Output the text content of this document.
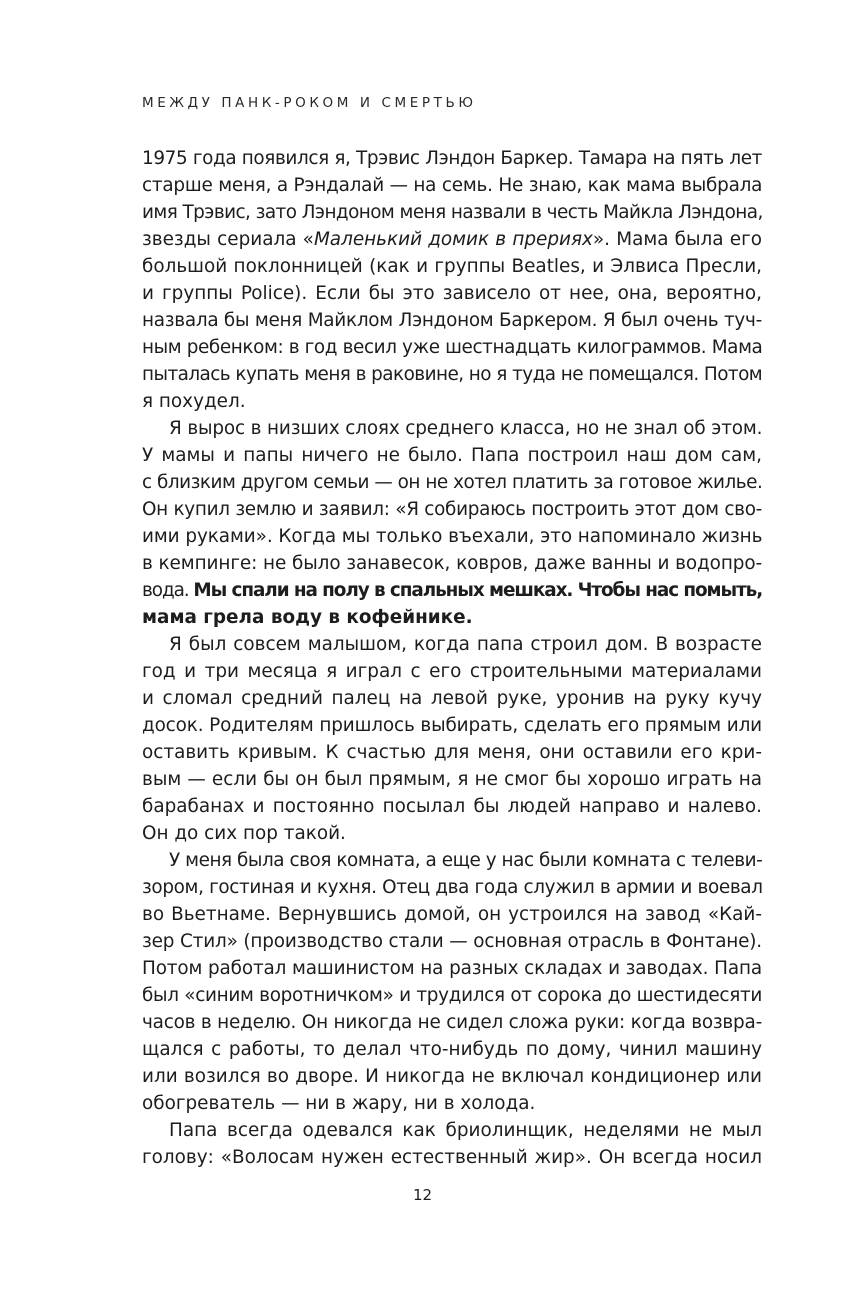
МЕЖДУ ПАНК-РОКОМ И СМЕРТЬЮ
1975 года появился я, Трэвис Лэндон Баркер. Тамара на пять лет
старше меня, а Рэндалай — на семь. Не знаю, как мама выбрала
имя Трэвис, зато Лэндоном меня назвали в честь Майкла Лэндона,
звезды сериала «Маленький домик в прериях». Мама была его
большой поклонницей (как и группы Beatles, и Элвиса Пресли,
и группы Police). Если бы это зависело от нее, она, вероятно,
назвала бы меня Майклом Лэндоном Баркером. Я был очень туч-
ным ребенком: в год весил уже шестнадцать килограммов. Мама
пыталась купать меня в раковине, но я туда не помещался. Потом
я похудел.
Я вырос в низших слоях среднего класса, но не знал об этом.
У мамы и папы ничего не было. Папа построил наш дом сам,
с близким другом семьи — он не хотел платить за готовое жилье.
Он купил землю и заявил: «Я собираюсь построить этот дом сво-
ими руками». Когда мы только въехали, это напоминало жизнь
в кемпинге: не было занавесок, ковров, даже ванны и водопро-
вода. Мы спали на полу в спальных мешках. Чтобы нас помыть,
мама грела воду в кофейнике.
Я был совсем малышом, когда папа строил дом. В возрасте
год и три месяца я играл с его строительными материалами
и сломал средний палец на левой руке, уронив на руку кучу
досок. Родителям пришлось выбирать, сделать его прямым или
оставить кривым. К счастью для меня, они оставили его кри-
вым — если бы он был прямым, я не смог бы хорошо играть на
барабанах и постоянно посылал бы людей направо и налево.
Он до сих пор такой.
У меня была своя комната, а еще у нас были комната с телеви-
зором, гостиная и кухня. Отец два года служил в армии и воевал
во Вьетнаме. Вернувшись домой, он устроился на завод «Кай-
зер Стил» (производство стали — основная отрасль в Фонтане).
Потом работал машинистом на разных складах и заводах. Папа
был «синим воротничком» и трудился от сорока до шестидесяти
часов в неделю. Он никогда не сидел сложа руки: когда возвра-
щался с работы, то делал что-нибудь по дому, чинил машину
или возился во дворе. И никогда не включал кондиционер или
обогреватель — ни в жару, ни в холода.
Папа всегда одевался как бриолинщик, неделями не мыл
голову: «Волосам нужен естественный жир». Он всегда носил
12
